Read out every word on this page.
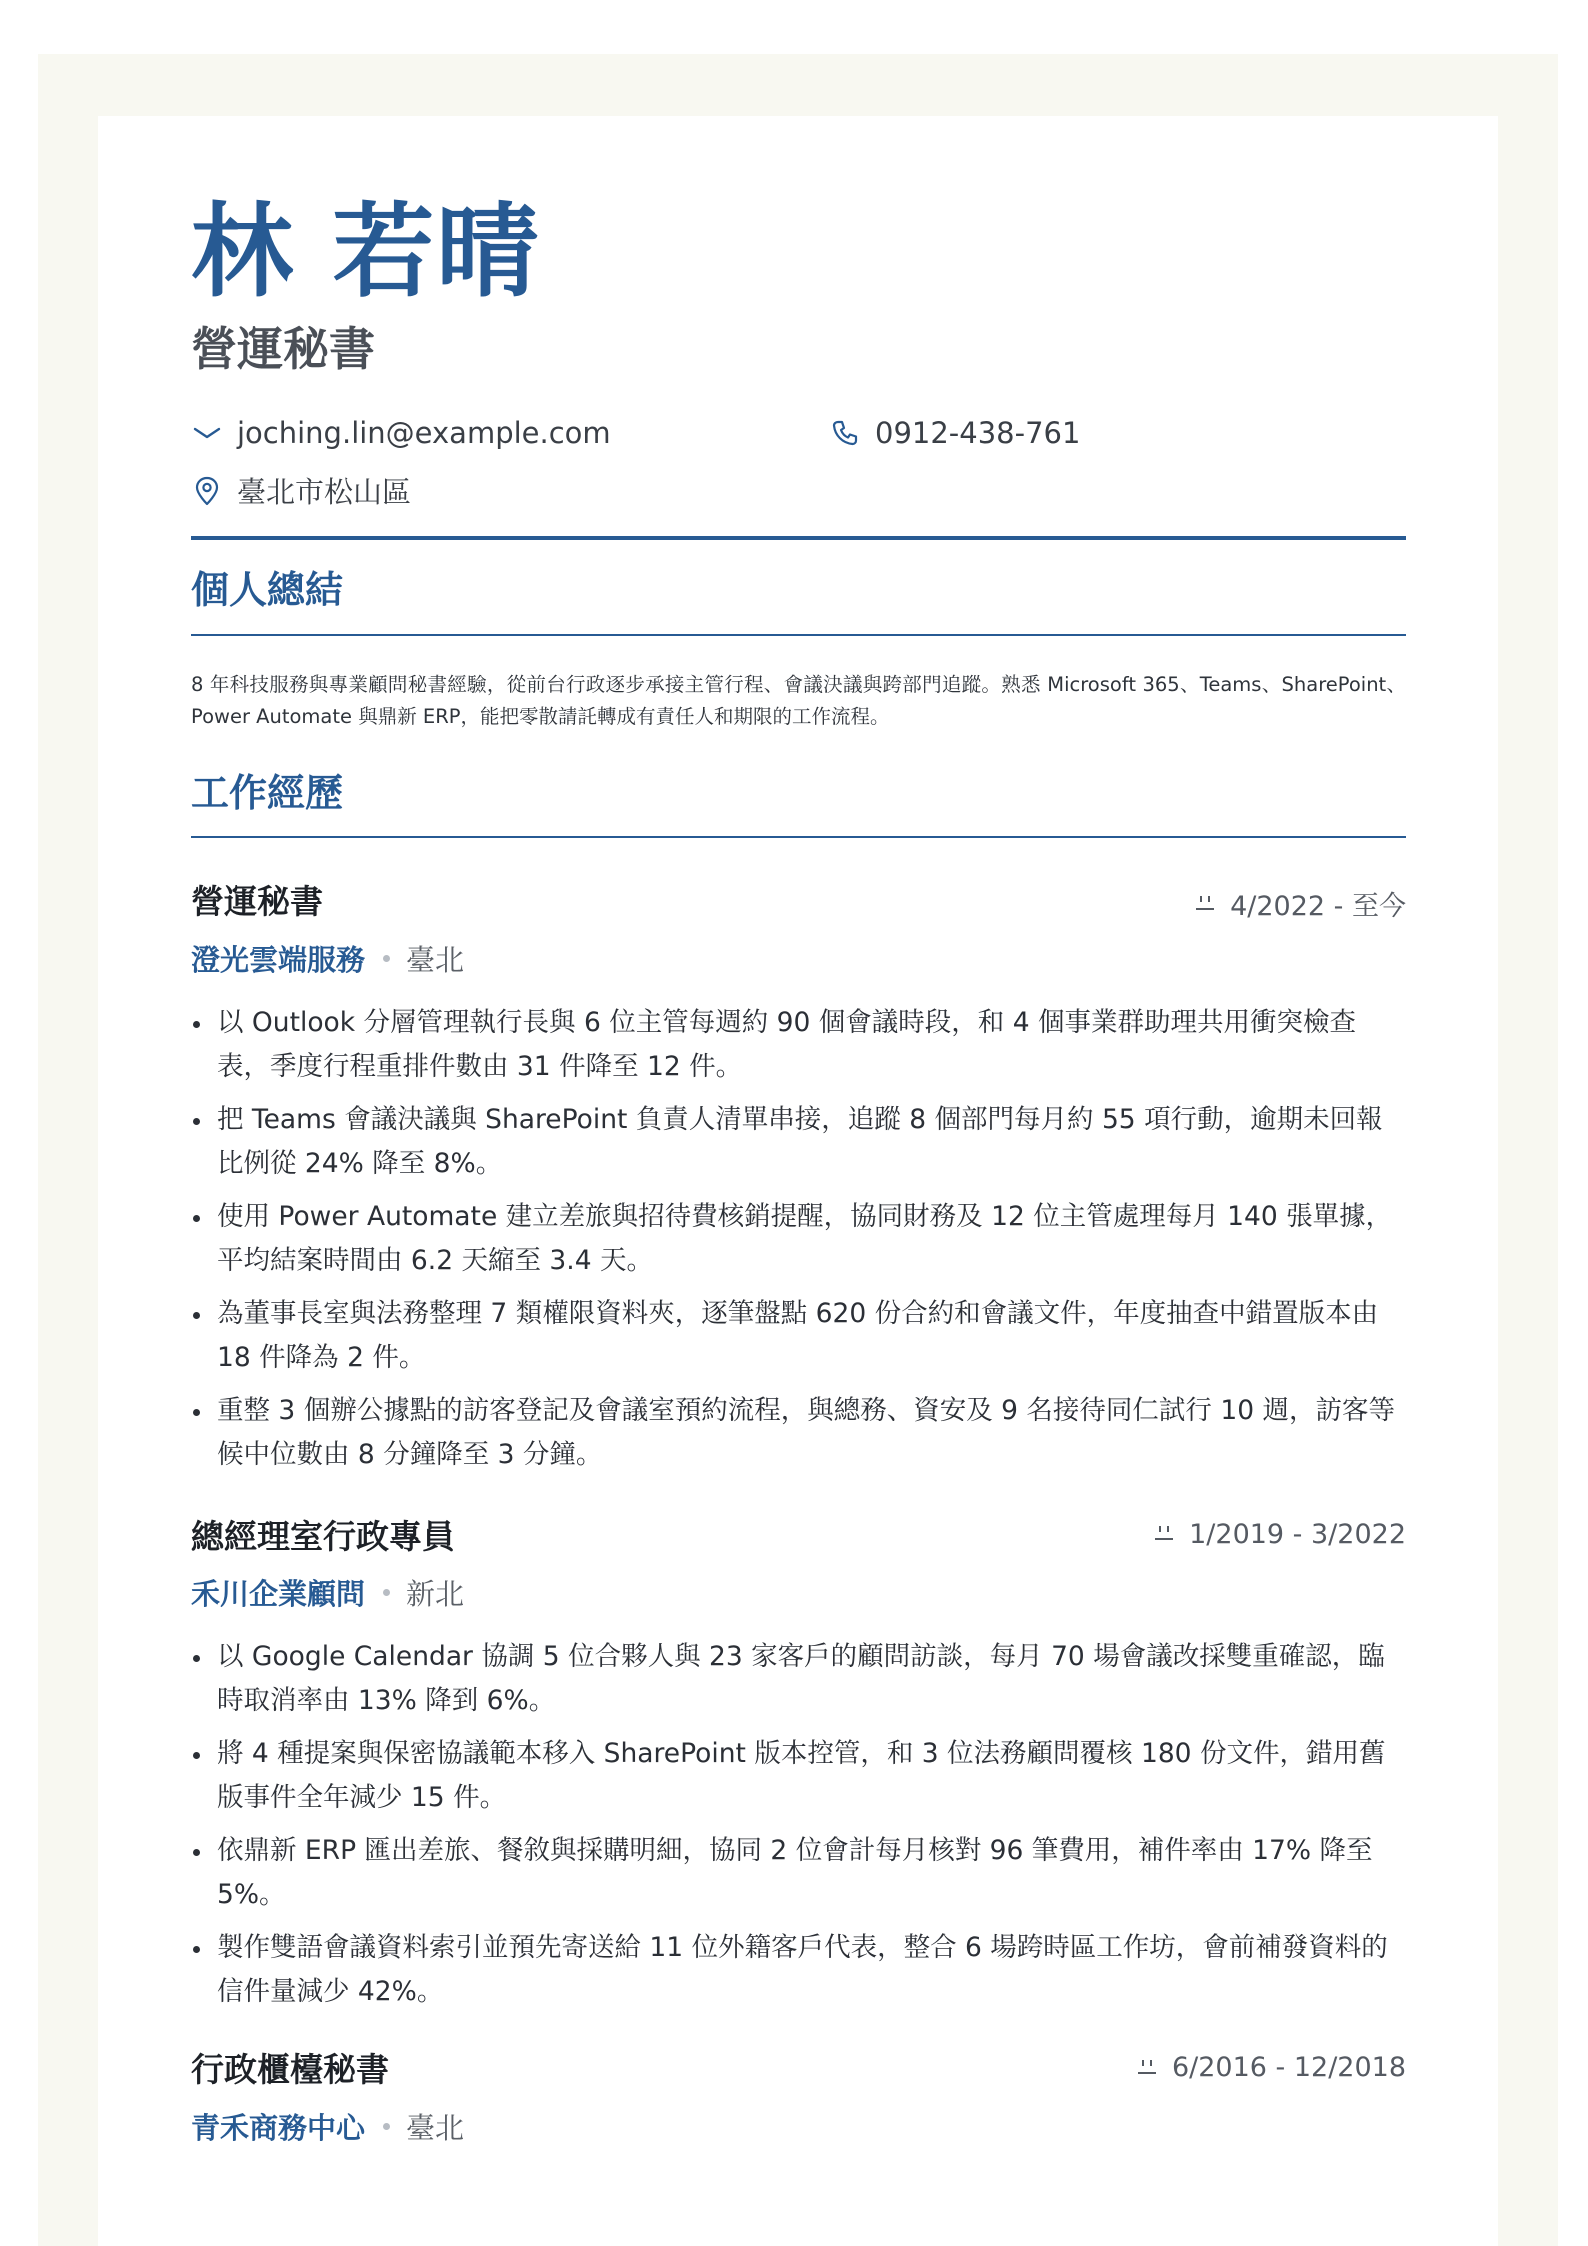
林 若晴
營運秘書
joching.lin@example.com	0912-438-761
臺北市松山區
個人總結

8 年科技服務與專業顧問秘書經驗，從前台行政逐步承接主管行程、會議決議與跨部門追蹤。熟悉 Microsoft 365、Teams、SharePoint、Power Automate 與鼎新 ERP，能把零散請託轉成有責任人和期限的工作流程。

工作經歷
營運秘書	4/2022 - 至今
澄光雲端服務 臺北
以 Outlook 分層管理執行長與 6 位主管每週約 90 個會議時段，和 4 個事業群助理共用衝突檢查表，季度行程重排件數由 31 件降至 12 件。
把 Teams 會議決議與 SharePoint 負責人清單串接，追蹤 8 個部門每月約 55 項行動，逾期未回報比例從 24% 降至 8%。
使用 Power Automate 建立差旅與招待費核銷提醒，協同財務及 12 位主管處理每月 140 張單據，平均結案時間由 6.2 天縮至 3.4 天。
為董事長室與法務整理 7 類權限資料夾，逐筆盤點 620 份合約和會議文件，年度抽查中錯置版本由 18 件降為 2 件。
重整 3 個辦公據點的訪客登記及會議室預約流程，與總務、資安及 9 名接待同仁試行 10 週，訪客等候中位數由 8 分鐘降至 3 分鐘。
總經理室行政專員	1/2019 - 3/2022
禾川企業顧問 新北
以 Google Calendar 協調 5 位合夥人與 23 家客戶的顧問訪談，每月 70 場會議改採雙重確認，臨時取消率由 13% 降到 6%。
將 4 種提案與保密協議範本移入 SharePoint 版本控管，和 3 位法務顧問覆核 180 份文件，錯用舊版事件全年減少 15 件。
依鼎新 ERP 匯出差旅、餐敘與採購明細，協同 2 位會計每月核對 96 筆費用，補件率由 17% 降至 5%。
製作雙語會議資料索引並預先寄送給 11 位外籍客戶代表，整合 6 場跨時區工作坊，會前補發資料的信件量減少 42%。
行政櫃檯秘書	6/2016 - 12/2018
青禾商務中心 臺北
